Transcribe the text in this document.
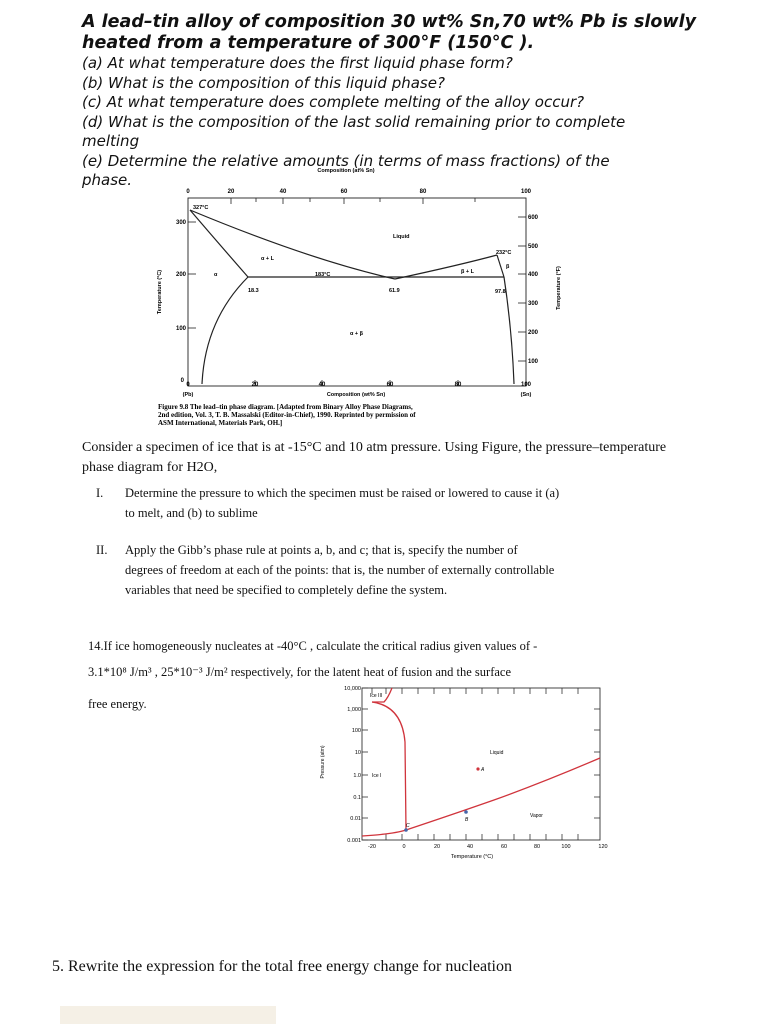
A lead–tin alloy of composition 30 wt% Sn,70 wt% Pb is slowly
heated from a temperature of 300°F (150°C ).
(a) At what temperature does the first liquid phase form?
(b) What is the composition of this liquid phase?
(c) At what temperature does complete melting of the alloy occur?
(d) What is the composition of the last solid remaining prior to complete
melting
(e) Determine the relative amounts (in terms of mass fractions) of the
phase.	Composition (at% Sn)
0	20	40	60	80	100
300
200
100
0
600
500
400
300
200
100
Temperature (°C)	Temperature (°F)
327°C
232°C
183°C
Liquid
α + L
β + L
α + β
α
β
18.3	61.9	97.8
0	20	40	60	80	100
(Pb)	Composition (wt% Sn)	(Sn)
Figure 9.8 The lead–tin phase diagram. [Adapted from Binary Alloy Phase Diagrams,
2nd edition, Vol. 3, T. B. Massalski (Editor-in-Chief), 1990. Reprinted by permission of
ASM International, Materials Park, OH.]
Consider a specimen of ice that is at -15°C and 10 atm pressure. Using Figure, the pressure–temperature
phase diagram for H2O,
I. Determine the pressure to which the specimen must be raised or lowered to cause it (a)
to melt, and (b) to sublime
II. Apply the Gibb’s phase rule at points a, b, and c; that is, specify the number of
degrees of freedom at each of the points: that is, the number of externally controllable
variables that need be specified to completely define the system.
14.If ice homogeneously nucleates at -40°C , calculate the critical radius given values of -
3.1*10⁸ J/m³ , 25*10⁻³ J/m² respectively, for the latent heat of fusion and the surface
free energy.
10,000
1,000
100
10
1.0
0.1
0.01
0.001
Pressure (atm)
-20	0	20	40	60	80	100	120
Temperature (°C)
Ice III
Ice I
Liquid
Vapor
A
B
C
5. Rewrite the expression for the total free energy change for nucleation
